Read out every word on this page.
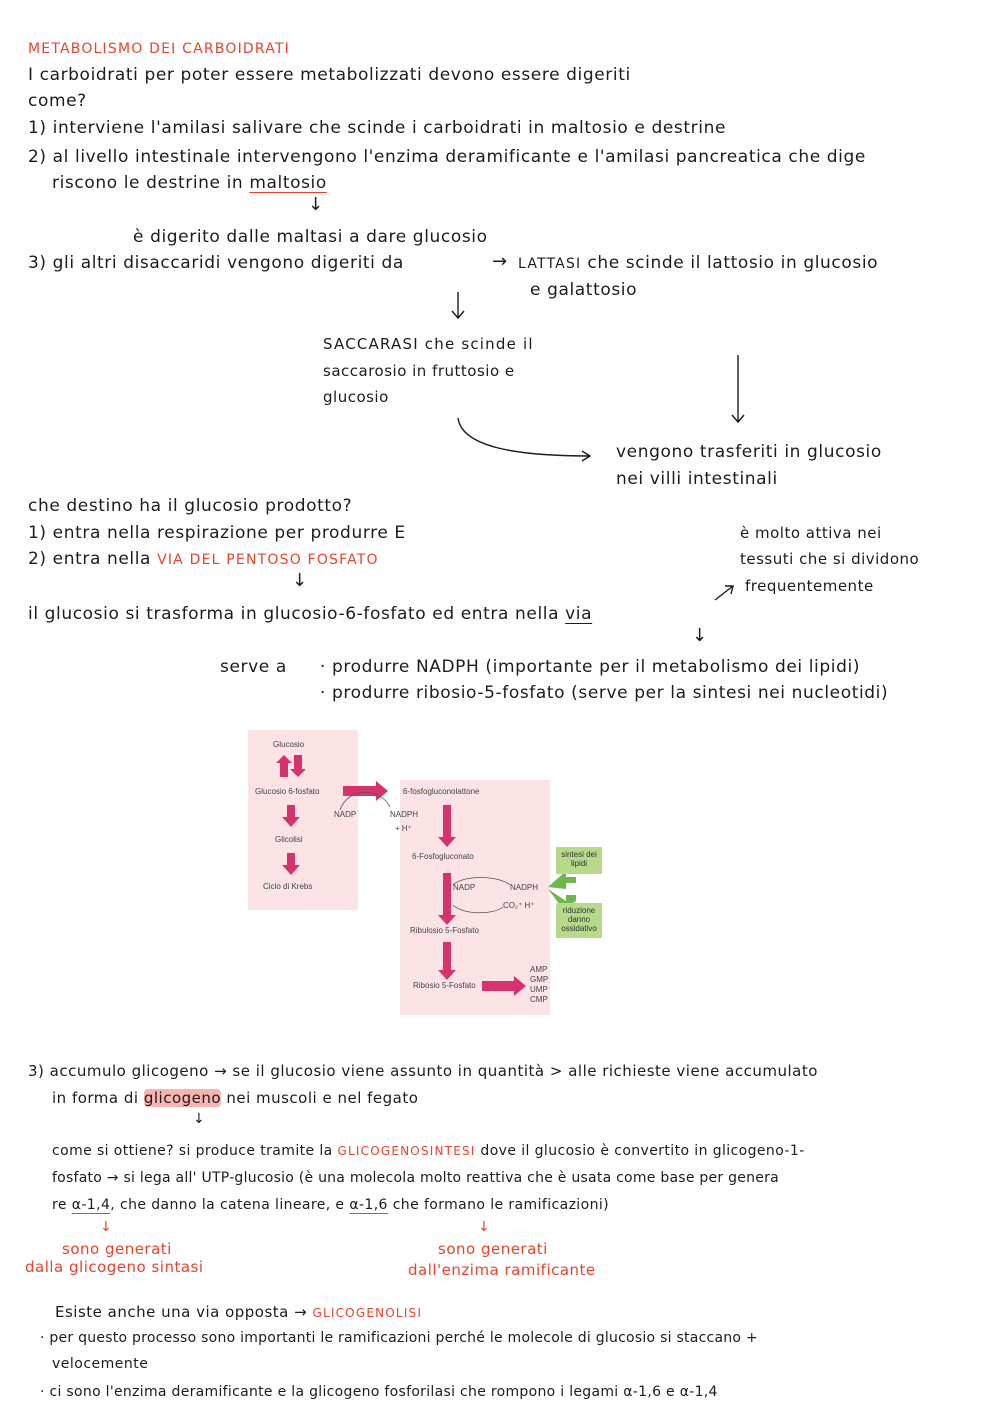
METABOLISMO DEI CARBOIDRATI
I carboidrati per poter essere metabolizzati devono essere digeriti
come?
1) interviene l'amilasi salivare che scinde i carboidrati in maltosio e destrine
2) al livello intestinale intervengono l'enzima deramificante e l'amilasi pancreatica che dige
riscono le destrine in maltosio
↓
è digerito dalle maltasi a dare glucosio
3) gli altri disaccaridi vengono digeriti da	→ LATTASI che scinde il lattosio in glucosio
e galattosio
SACCARASI che scinde il
saccarosio in fruttosio e
glucosio
vengono trasferiti in glucosio
nei villi intestinali
che destino ha il glucosio prodotto?
1) entra nella respirazione per produrre E
2) entra nella VIA DEL PENTOSO FOSFATO
↓
è molto attiva nei
tessuti che si dividono
frequentemente
il glucosio si trasforma in glucosio-6-fosfato ed entra nella via
↓
serve a · produrre NADPH (importante per il metabolismo dei lipidi)
· produrre ribosio-5-fosfato (serve per la sintesi nei nucleotidi)
Glucosio
Glucosio 6-fosfato
Glicolisi
Ciclo di Krebs
NADP	NADPH
+ H⁺
6-fosfogluconolattone
6-Fosfogluconato
NADP	NADPH
CO₂⁺ H⁺
sintesi dei lipidi
riduzione danno ossidativo
Ribulosio 5-Fosfato
Ribosio 5-Fosfato
AMP
GMP
UMP
CMP
3) accumulo glicogeno → se il glucosio viene assunto in quantità > alle richieste viene accumulato
in forma di glicogeno nei muscoli e nel fegato
↓
come si ottiene? si produce tramite la GLICOGENOSINTESI dove il glucosio è convertito in glicogeno-1-
fosfato → si lega all' UTP-glucosio (è una molecola molto reattiva che è usata come base per genera
re α-1,4, che danno la catena lineare, e α-1,6 che formano le ramificazioni)
↓	↓
sono generati
dalla glicogeno sintasi
sono generati
dall'enzima ramificante
Esiste anche una via opposta → GLICOGENOLISI
· per questo processo sono importanti le ramificazioni perché le molecole di glucosio si staccano +
velocemente
· ci sono l'enzima deramificante e la glicogeno fosforilasi che rompono i legami α-1,6 e α-1,4
